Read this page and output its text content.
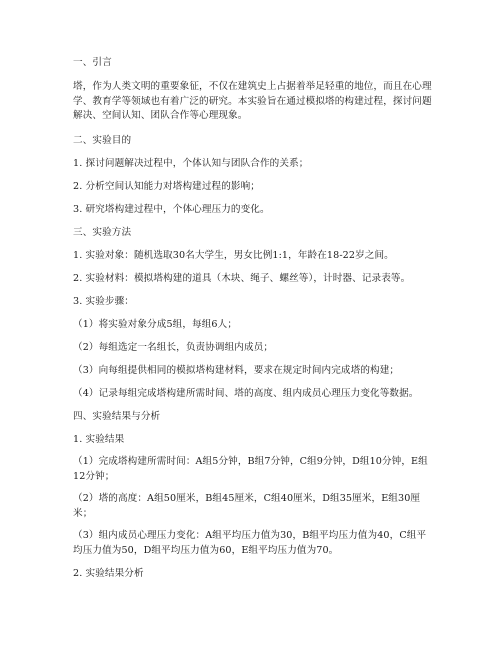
一、引言
塔，作为人类文明的重要象征，不仅在建筑史上占据着举足轻重的地位，而且在心理学、教育学等领域也有着广泛的研究。本实验旨在通过模拟塔的构建过程，探讨问题解决、空间认知、团队合作等心理现象。
二、实验目的
1. 探讨问题解决过程中，个体认知与团队合作的关系；
2. 分析空间认知能力对塔构建过程的影响；
3. 研究塔构建过程中，个体心理压力的变化。
三、实验方法
1. 实验对象：随机选取30名大学生，男女比例1:1，年龄在18-22岁之间。
2. 实验材料：模拟塔构建的道具（木块、绳子、螺丝等），计时器、记录表等。
3. 实验步骤：
（1）将实验对象分成5组，每组6人；
（2）每组选定一名组长，负责协调组内成员；
（3）向每组提供相同的模拟塔构建材料，要求在规定时间内完成塔的构建；
（4）记录每组完成塔构建所需时间、塔的高度、组内成员心理压力变化等数据。
四、实验结果与分析
1. 实验结果
（1）完成塔构建所需时间：A组5分钟，B组7分钟，C组9分钟，D组10分钟，E组12分钟；
（2）塔的高度：A组50厘米，B组45厘米，C组40厘米，D组35厘米，E组30厘米；
（3）组内成员心理压力变化：A组平均压力值为30，B组平均压力值为40，C组平均压力值为50，D组平均压力值为60，E组平均压力值为70。
2. 实验结果分析
